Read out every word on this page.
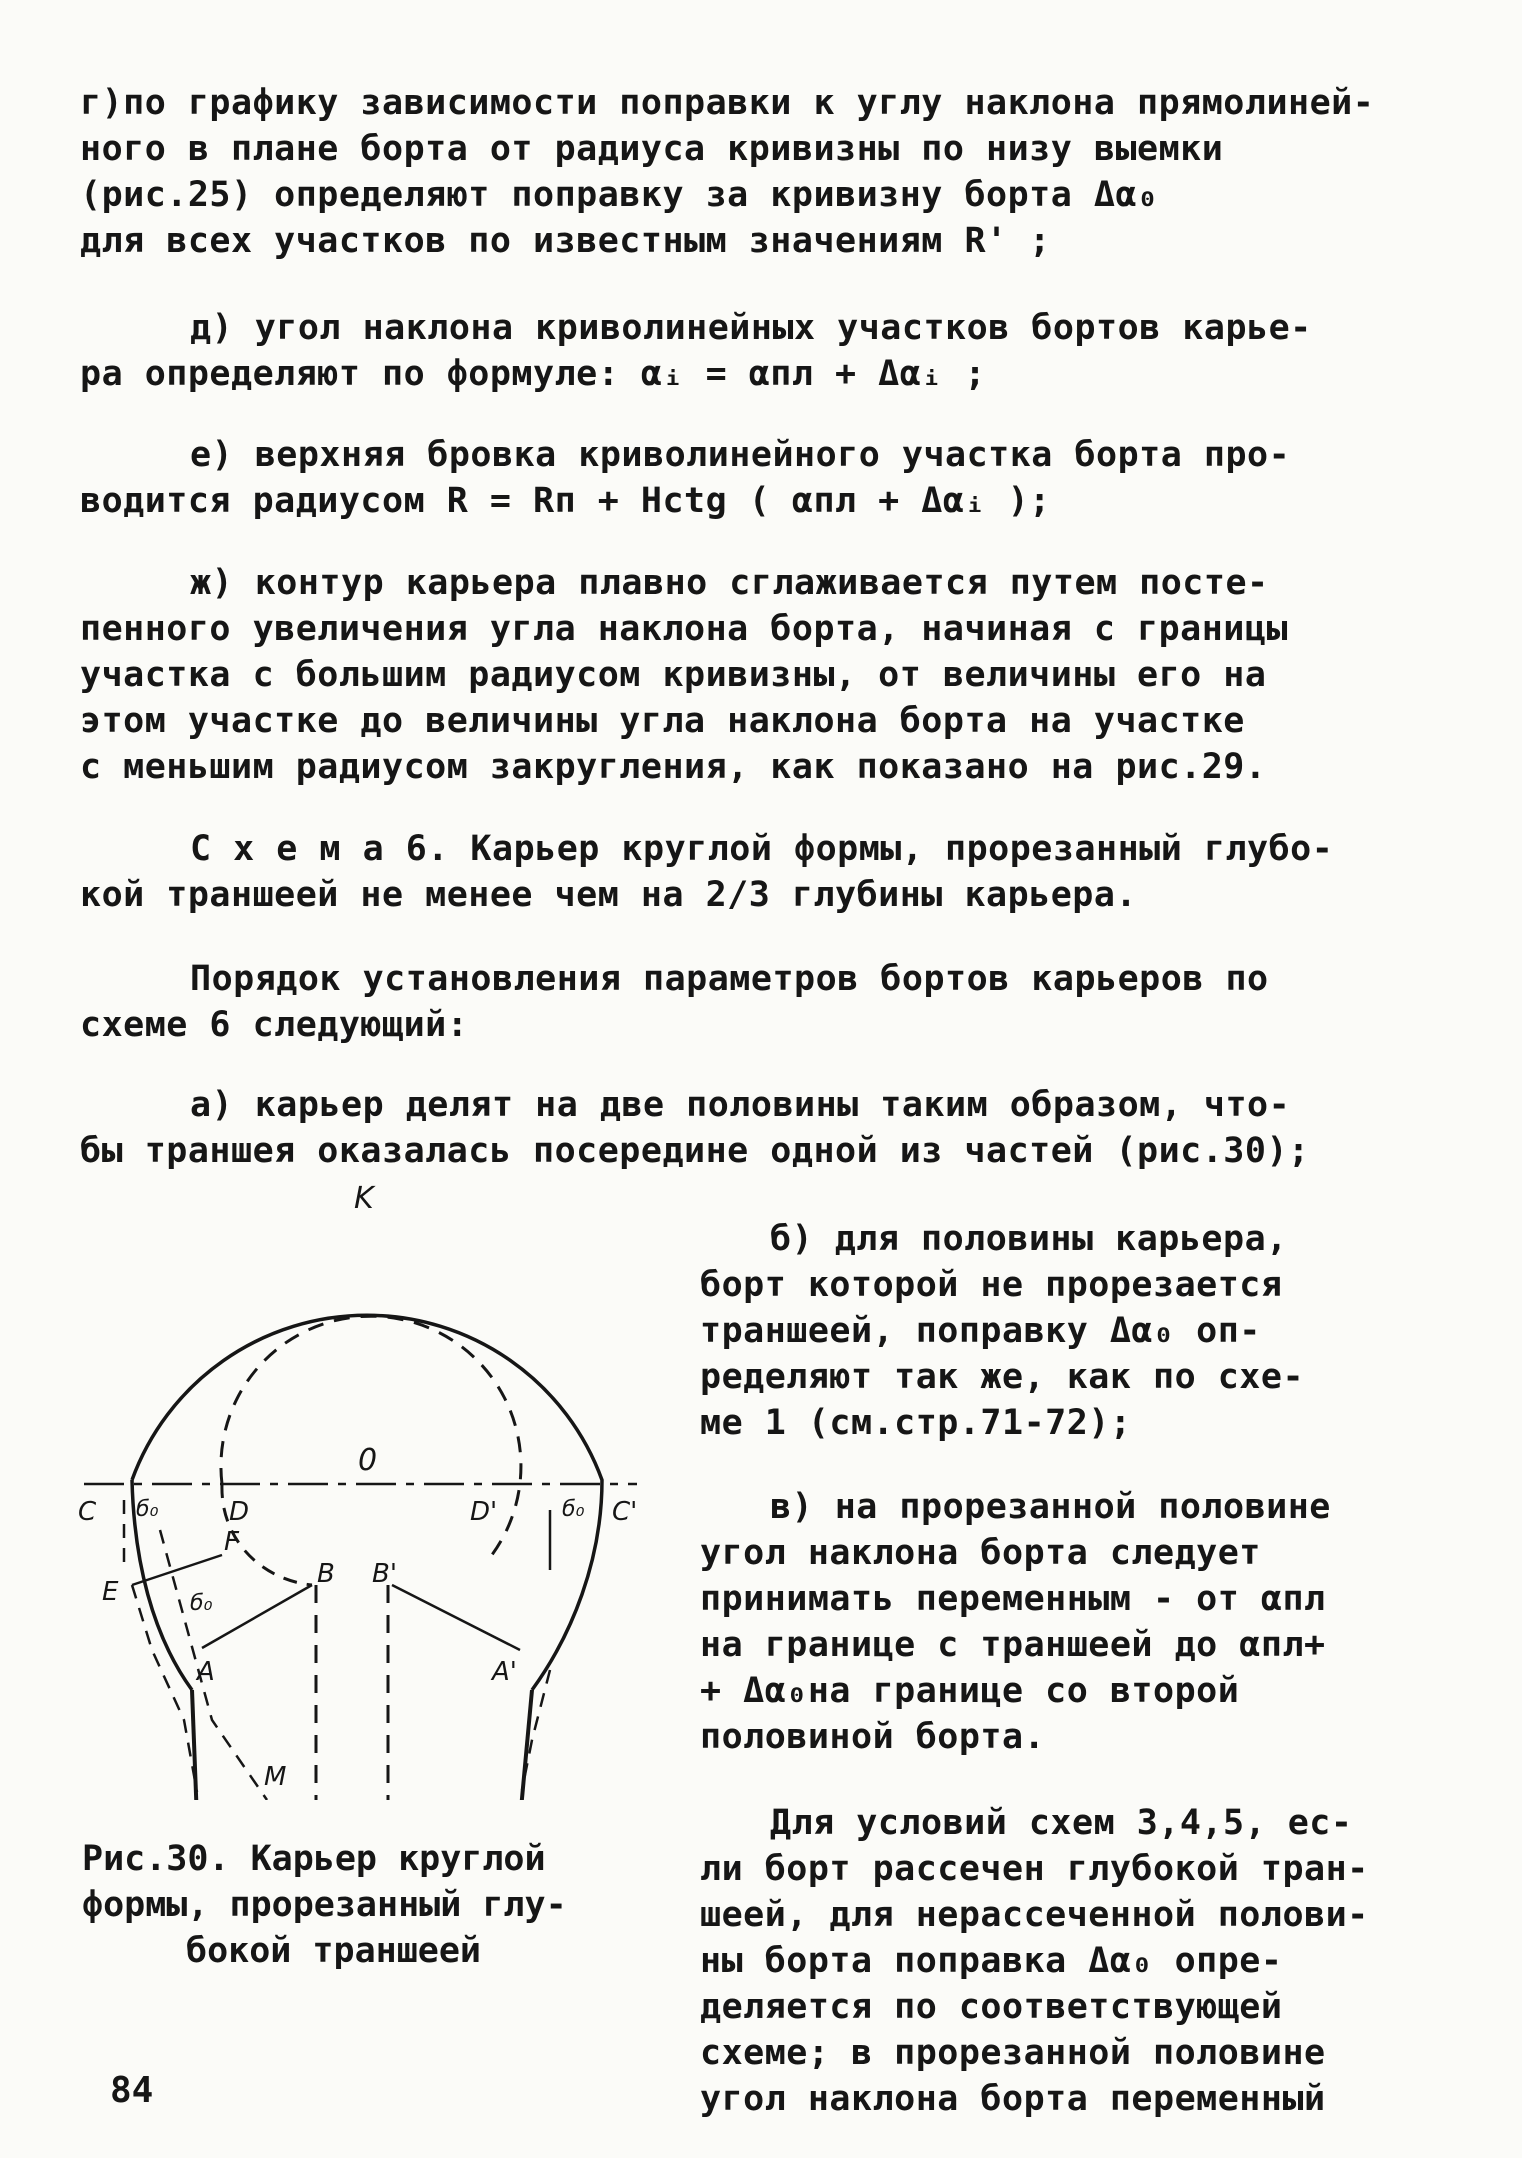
г)по графику зависимости поправки к углу наклона прямолиней-
ного в плане борта от радиуса кривизны по низу выемки
(рис.25) определяют поправку за кривизну борта Δα₀
для всех участков по известным значениям R' ;
д) угол наклона криволинейных участков бортов карье-
ра определяют по формуле: αᵢ = αпл + Δαᵢ ;
е) верхняя бровка криволинейного участка борта про-
водится радиусом R = Rп + Hctg ( αпл + Δαᵢ );
ж) контур карьера плавно сглаживается путем посте-
пенного увеличения угла наклона борта, начиная с границы
участка с большим радиусом кривизны, от величины его на
этом участке до величины угла наклона борта на участке
с меньшим радиусом закругления, как показано на рис.29.
С х е м а 6. Карьер круглой формы, прорезанный глубо-
кой траншеей не менее чем на 2/3 глубины карьера.
Порядок установления параметров бортов карьеров по
схеме 6 следующий:
а) карьер делят на две половины таким образом, что-
бы траншея оказалась посередине одной из частей (рис.30);
б) для половины карьера,
борт которой не прорезается
траншеей, поправку Δα₀ оп-
ределяют так же, как по схе-
ме 1 (см.стр.71-72);
в) на прорезанной половине
угол наклона борта следует
принимать переменным - от αпл
на границе с траншеей до αпл+
+ Δα₀на границе со второй
половиной борта.
Для условий схем 3,4,5, ес-
ли борт рассечен глубокой тран-
шеей, для нерассеченной полови-
ны борта поправка Δα₀ опре-
деляется по соответствующей
схеме; в прорезанной половине
угол наклона борта переменный
K
0
C	C'
D	D'
б₀	б₀
б₀
E
F
B B'
A	A'
M
Рис.30. Карьер круглой
формы, прорезанный глу-
бокой траншеей
84
